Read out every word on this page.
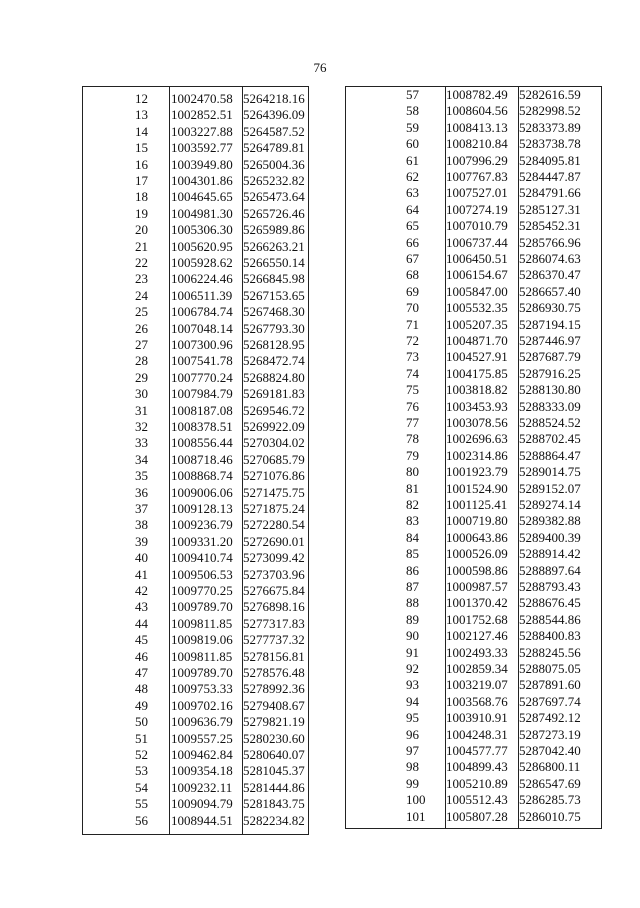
76
12	1002470.58 5264218.16
13	1002852.51 5264396.09
14	1003227.88 5264587.52
15	1003592.77 5264789.81
16	1003949.80 5265004.36
17	1004301.86 5265232.82
18	1004645.65 5265473.64
19	1004981.30 5265726.46
20	1005306.30 5265989.86
21	1005620.95 5266263.21
22	1005928.62 5266550.14
23	1006224.46 5266845.98
24	1006511.39 5267153.65
25	1006784.74 5267468.30
26	1007048.14 5267793.30
27	1007300.96 5268128.95
28	1007541.78 5268472.74
29	1007770.24 5268824.80
30	1007984.79 5269181.83
31	1008187.08 5269546.72
32	1008378.51 5269922.09
33	1008556.44 5270304.02
34	1008718.46 5270685.79
35	1008868.74 5271076.86
36	1009006.06 5271475.75
37	1009128.13 5271875.24
38	1009236.79 5272280.54
39	1009331.20 5272690.01
40	1009410.74 5273099.42
41	1009506.53 5273703.96
42	1009770.25 5276675.84
43	1009789.70 5276898.16
44	1009811.85 5277317.83
45	1009819.06 5277737.32
46	1009811.85 5278156.81
47	1009789.70 5278576.48
48	1009753.33 5278992.36
49	1009702.16 5279408.67
50	1009636.79 5279821.19
51	1009557.25 5280230.60
52	1009462.84 5280640.07
53	1009354.18 5281045.37
54	1009232.11 5281444.86
55	1009094.79 5281843.75
56	1008944.51 5282234.82
57	1008782.49 5282616.59
58	1008604.56 5282998.52
59	1008413.13 5283373.89
60	1008210.84 5283738.78
61	1007996.29 5284095.81
62	1007767.83 5284447.87
63	1007527.01 5284791.66
64	1007274.19 5285127.31
65	1007010.79 5285452.31
66	1006737.44 5285766.96
67	1006450.51 5286074.63
68	1006154.67 5286370.47
69	1005847.00 5286657.40
70	1005532.35 5286930.75
71	1005207.35 5287194.15
72	1004871.70 5287446.97
73	1004527.91 5287687.79
74	1004175.85 5287916.25
75	1003818.82 5288130.80
76	1003453.93 5288333.09
77	1003078.56 5288524.52
78	1002696.63 5288702.45
79	1002314.86 5288864.47
80	1001923.79 5289014.75
81	1001524.90 5289152.07
82	1001125.41 5289274.14
83	1000719.80 5289382.88
84	1000643.86 5289400.39
85	1000526.09 5288914.42
86	1000598.86 5288897.64
87	1000987.57 5288793.43
88	1001370.42 5288676.45
89	1001752.68 5288544.86
90	1002127.46 5288400.83
91	1002493.33 5288245.56
92	1002859.34 5288075.05
93	1003219.07 5287891.60
94	1003568.76 5287697.74
95	1003910.91 5287492.12
96	1004248.31 5287273.19
97	1004577.77 5287042.40
98	1004899.43 5286800.11
99	1005210.89 5286547.69
100	1005512.43 5286285.73
101	1005807.28 5286010.75
